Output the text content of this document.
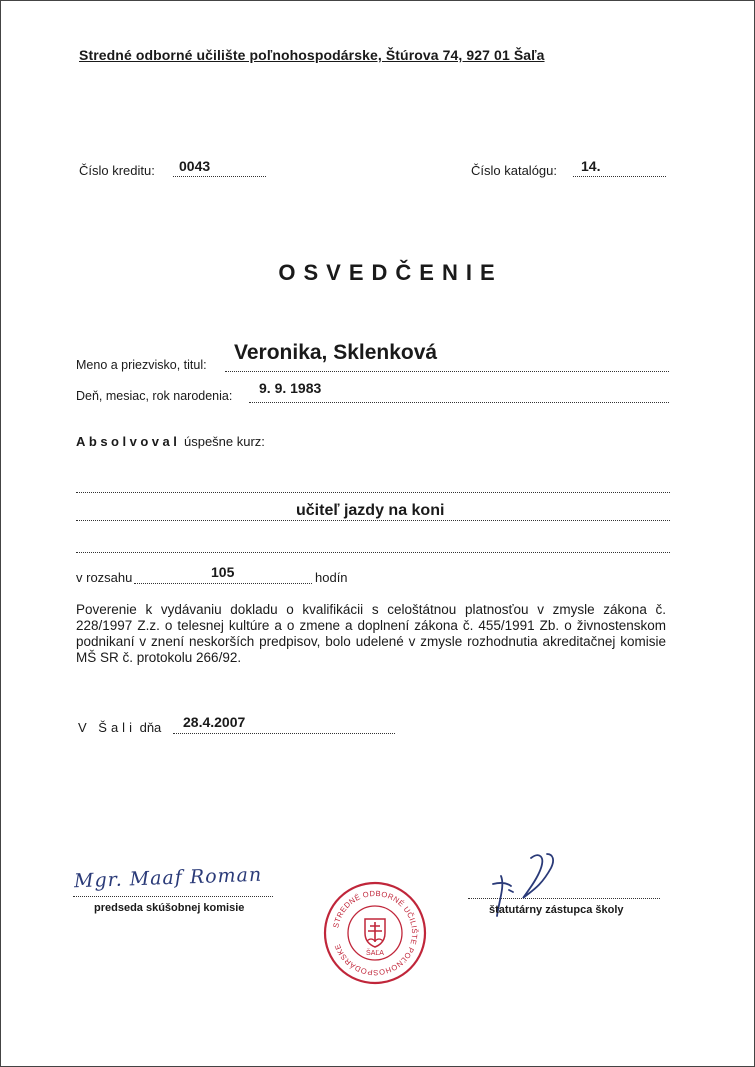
Stredné odborné učilište poľnohospodárske, Štúrova 74, 927 01 Šaľa
Číslo kreditu: 0043	Číslo katalógu: 14.
OSVEDČENIE
Meno a priezvisko, titul:
Veronika, Sklenková
Deň, mesiac, rok narodenia: 9. 9. 1983
Absolvoval úspešne kurz:
učiteľ jazdy na koni
v rozsahu	105	hodín
Poverenie k vydávaniu dokladu o kvalifikácii s celoštátnou platnosťou v zmysle zákona č. 228/1997 Z.z. o telesnej kultúre a o zmene a doplnení zákona č. 455/1991 Zb. o živnostenskom podnikaní v znení neskorších predpisov, bolo udelené v zmysle rozhodnutia akreditačnej komisie MŠ SR č. protokolu 266/92.
V Šali dňa 28.4.2007
Mgr. Maaf Roman
predseda skúšobnej komisie	štatutárny zástupca školy
STREDNÉ ODBORNÉ UČILIŠTE POĽNOHOSPODÁRSKE
ŠAĽA
